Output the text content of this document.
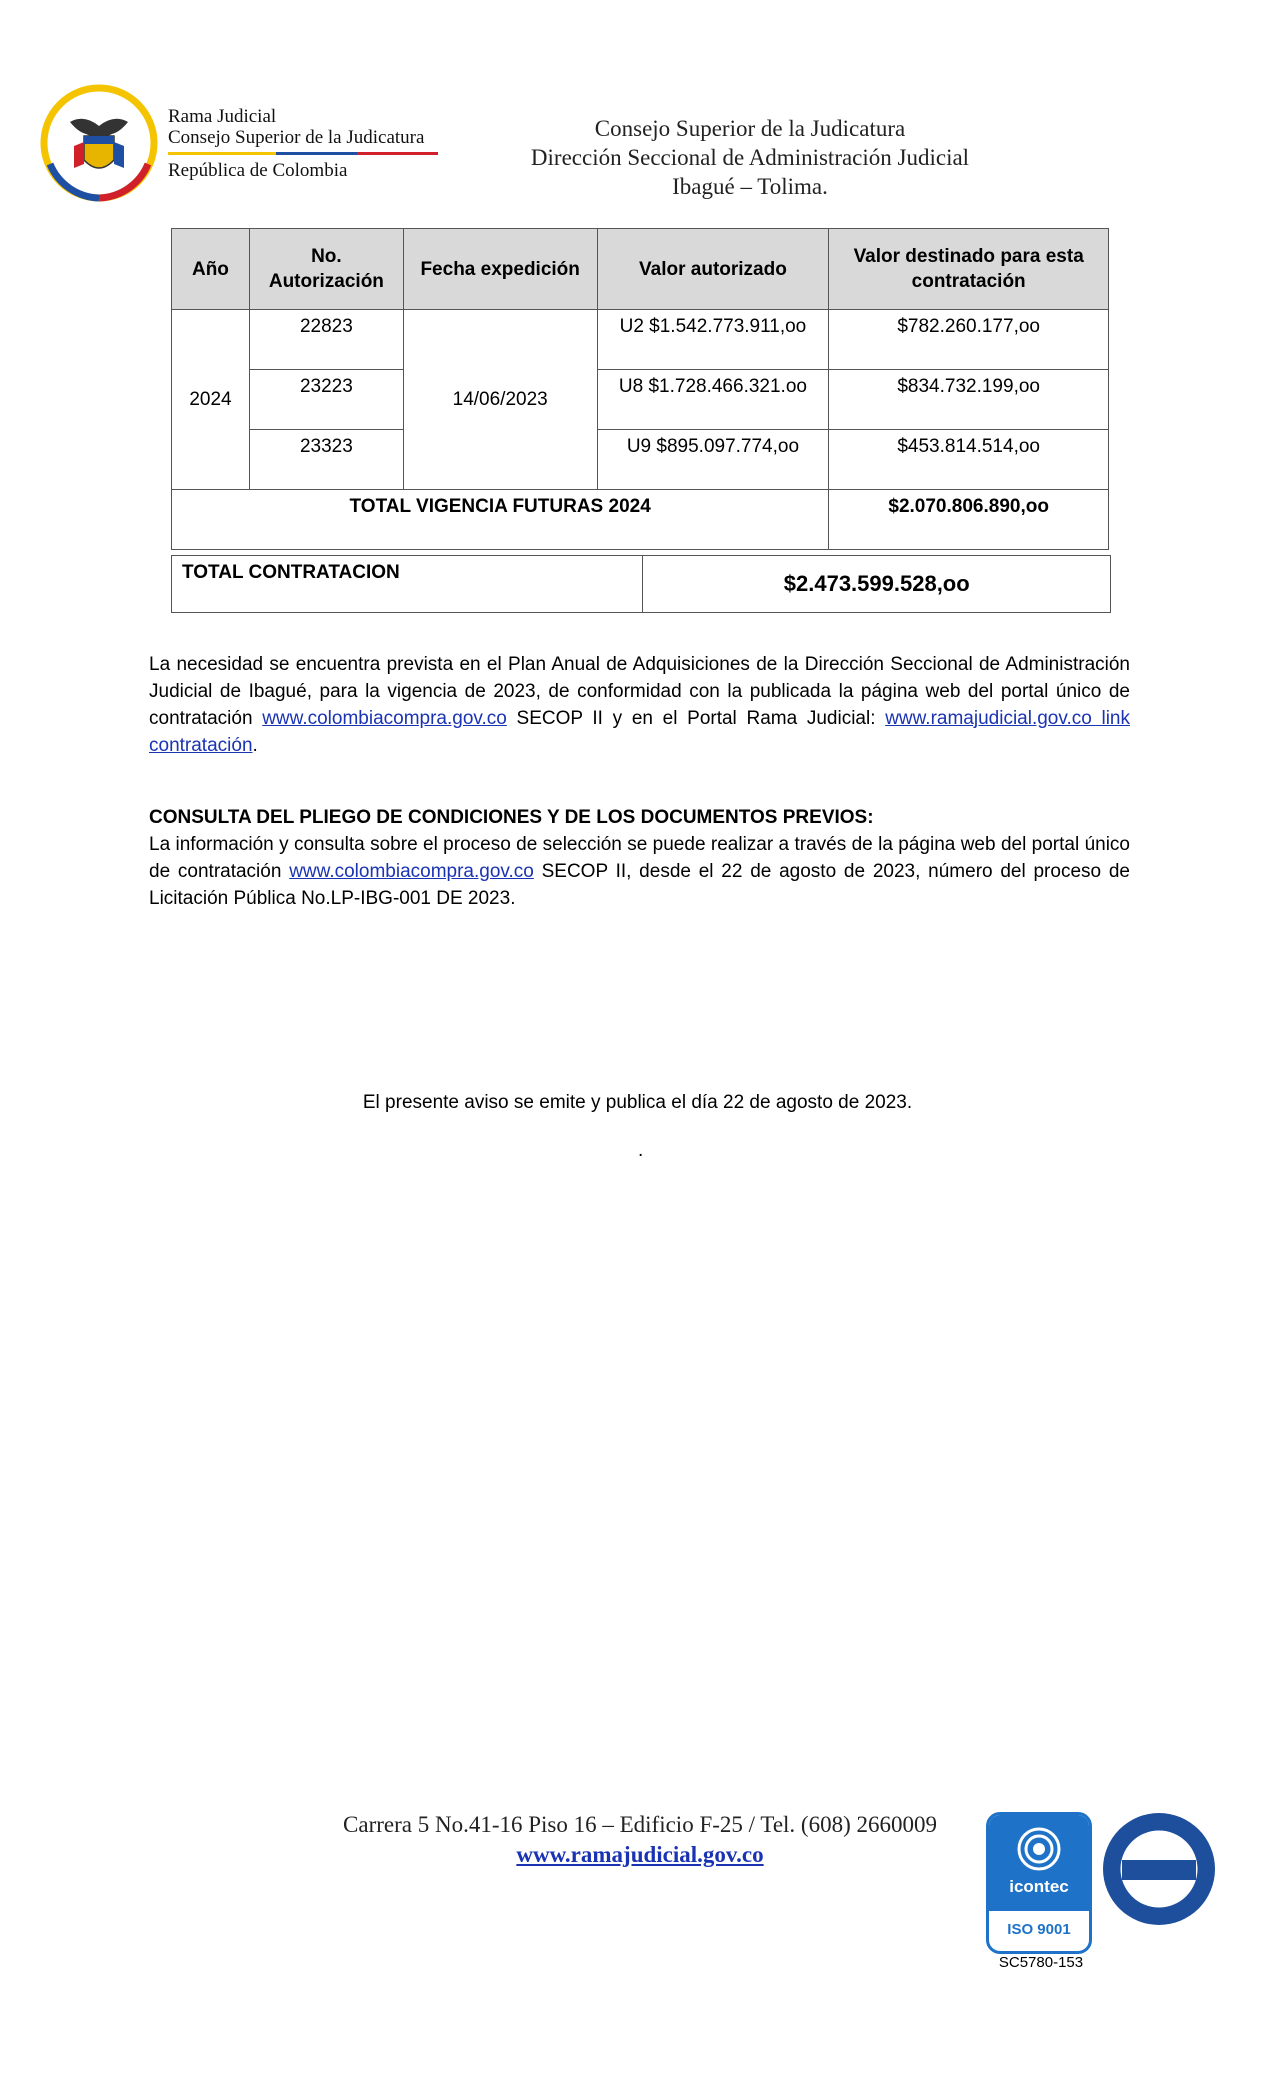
Rama Judicial
Consejo Superior de la Judicatura
República de Colombia
Consejo Superior de la Judicatura
Dirección Seccional de Administración Judicial
Ibagué – Tolima.
Año	No. Autorización	Fecha expedición	Valor autorizado	Valor destinado para esta contratación
2024	22823	14/06/2023	U2 $1.542.773.911,oo	$782.260.177,oo
	23223		U8 $1.728.466.321.oo	$834.732.199,oo
	23323		U9 $895.097.774,oo	$453.814.514,oo
TOTAL VIGENCIA FUTURAS 2024				$2.070.806.890,oo
TOTAL CONTRATACION	$2.473.599.528,oo
La necesidad se encuentra prevista en el Plan Anual de Adquisiciones de la Dirección Seccional de Administración Judicial de Ibagué, para la vigencia de 2023, de conformidad con la publicada la página web del portal único de contratación www.colombiacompra.gov.co SECOP II y en el Portal Rama Judicial: www.ramajudicial.gov.co link contratación.
CONSULTA DEL PLIEGO DE CONDICIONES Y DE LOS DOCUMENTOS PREVIOS:
La información y consulta sobre el proceso de selección se puede realizar a través de la página web del portal único de contratación www.colombiacompra.gov.co SECOP II, desde el 22 de agosto de 2023, número del proceso de Licitación Pública No.LP-IBG-001 DE 2023.
El presente aviso se emite y publica el día 22 de agosto de 2023.
.
Carrera 5 No.41-16 Piso 16 – Edificio F-25 / Tel. (608) 2660009
www.ramajudicial.gov.co
icontec
ISO 9001
SC5780-153
